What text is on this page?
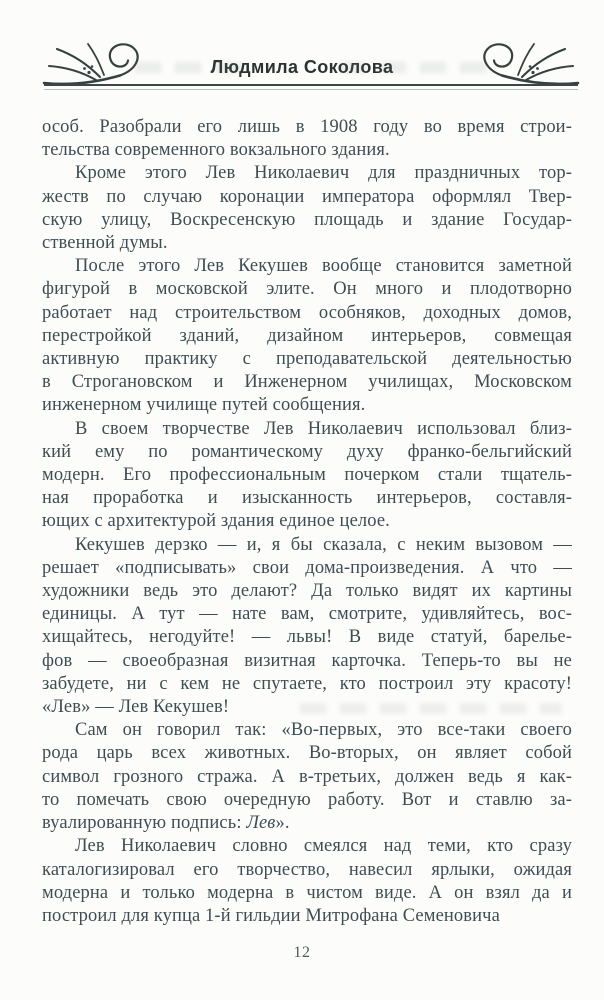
Людмила Соколова
особ. Разобрали его лишь в 1908 году во время строи-
тельства современного вокзального здания.
Кроме этого Лев Николаевич для праздничных тор-
жеств по случаю коронации императора оформлял Твер-
скую улицу, Воскресенскую площадь и здание Государ-
ственной думы.
После этого Лев Кекушев вообще становится заметной
фигурой в московской элите. Он много и плодотворно
работает над строительством особняков, доходных домов,
перестройкой зданий, дизайном интерьеров, совмещая
активную практику с преподавательской деятельностью
в Строгановском и Инженерном училищах, Московском
инженерном училище путей сообщения.
В своем творчестве Лев Николаевич использовал близ-
кий ему по романтическому духу франко-бельгийский
модерн. Его профессиональным почерком стали тщатель-
ная проработка и изысканность интерьеров, составля-
ющих с архитектурой здания единое целое.
Кекушев дерзко — и, я бы сказала, с неким вызовом —
решает «подписывать» свои дома-произведения. А что —
художники ведь это делают? Да только видят их картины
единицы. А тут — нате вам, смотрите, удивляйтесь, вос-
хищайтесь, негодуйте! — львы! В виде статуй, барелье-
фов — своеобразная визитная карточка. Теперь-то вы не
забудете, ни с кем не спутаете, кто построил эту красоту!
«Лев» — Лев Кекушев!
Сам он говорил так: «Во-первых, это все-таки своего
рода царь всех животных. Во-вторых, он являет собой
символ грозного стража. А в-третьих, должен ведь я как-
то помечать свою очередную работу. Вот и ставлю за-
вуалированную подпись: Лев».
Лев Николаевич словно смеялся над теми, кто сразу
каталогизировал его творчество, навесил ярлыки, ожидая
модерна и только модерна в чистом виде. А он взял да и
построил для купца 1-й гильдии Митрофана Семеновича
12
